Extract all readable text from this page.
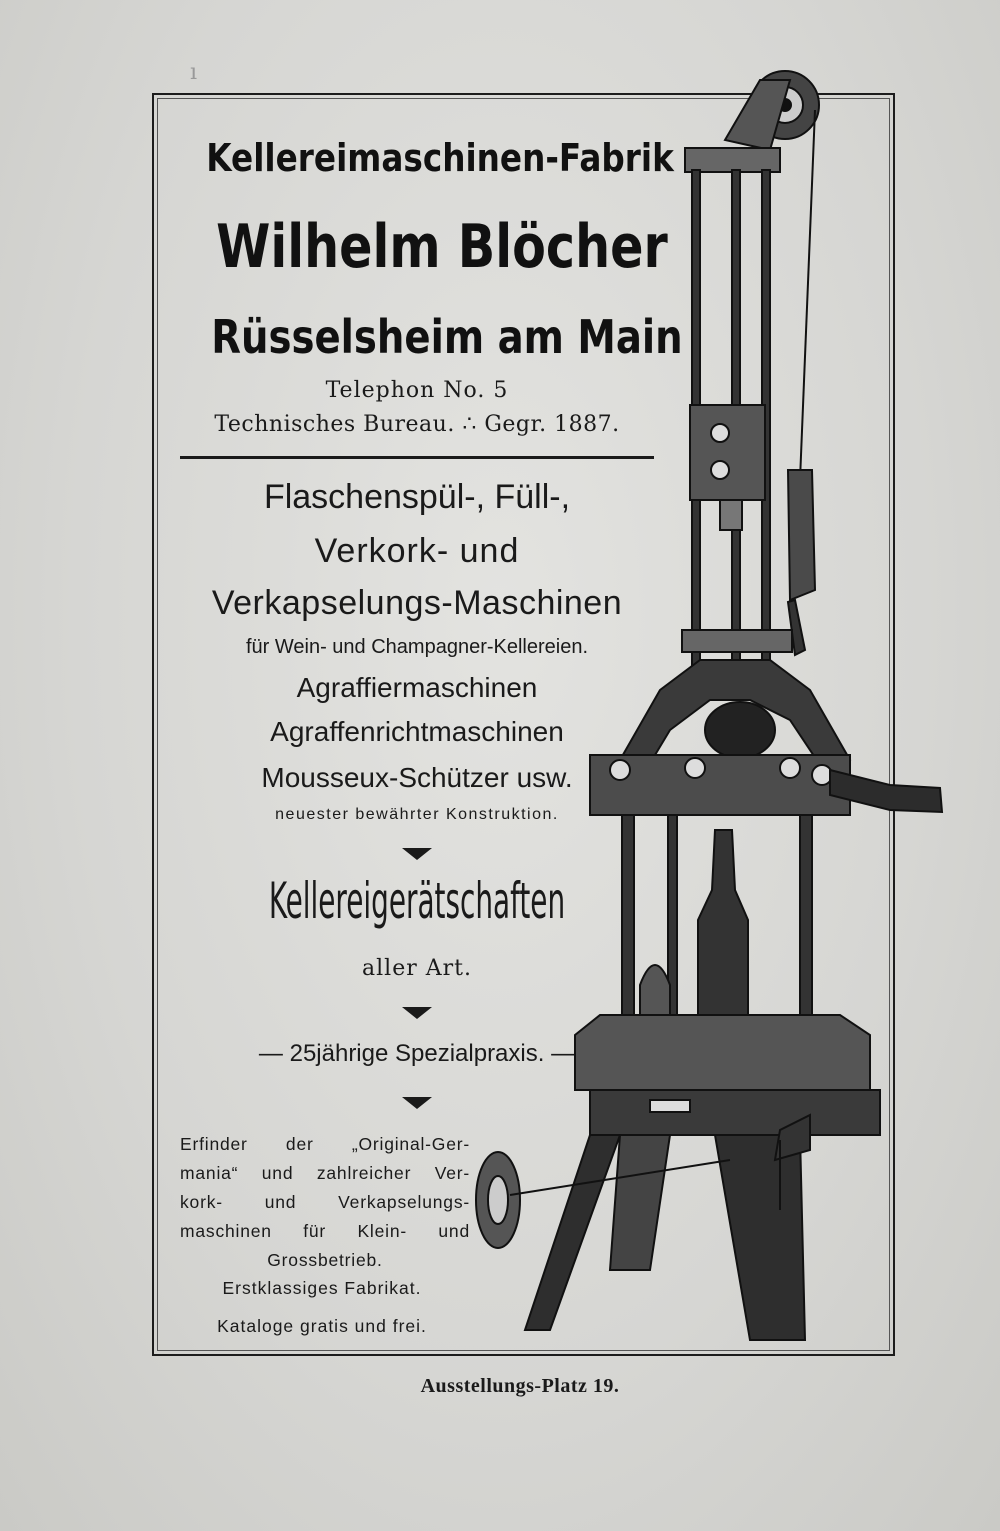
ı
Kellereimaschinen-Fabrik
Wilhelm Blöcher
Rüsselsheim am Main
Telephon No. 5
Technisches Bureau. ∴ Gegr. 1887.
Flaschenspül-, Füll-,
Verkork- und
Verkapselungs-Maschinen
für Wein- und Champagner-Kellereien.
Agraffiermaschinen
Agraffenrichtmaschinen
Mousseux-Schützer usw.
neuester bewährter Konstruktion.
Kellereigerätschaften
aller Art.
— 25jährige Spezialpraxis. —
Erfinder der „Original-Ger-
mania“ und zahlreicher Ver-
kork- und Verkapselungs-
maschinen für Klein- und
Grossbetrieb.
Erstklassiges Fabrikat.
Kataloge gratis und frei.
Ausstellungs-Platz 19.
